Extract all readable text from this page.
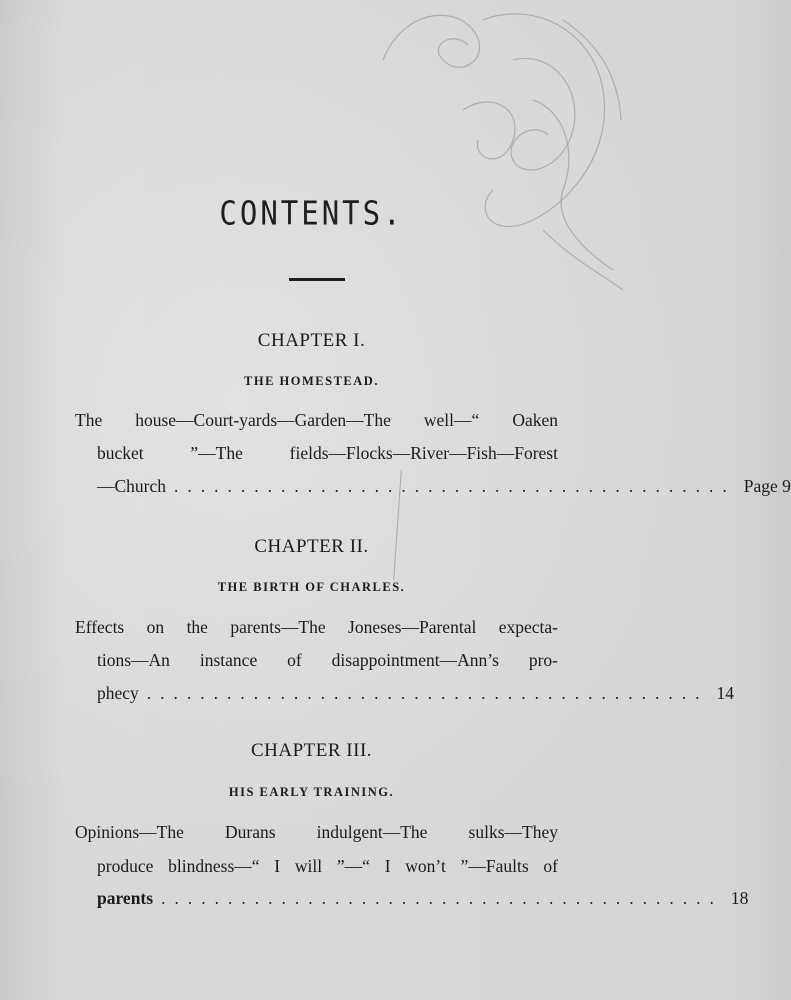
CONTENTS.
CHAPTER I.
THE HOMESTEAD.
The house—Court-yards—Garden—The well—“ Oaken
bucket	”—The	fields—Flocks—River—Fish—Forest
—Church .......................................... Page 9
CHAPTER II.
THE BIRTH OF CHARLES.
Effects on the parents—The Joneses—Parental expecta-
tions—An instance of disappointment—Ann’s pro-
phecy .......................................... 14
CHAPTER III.
HIS EARLY TRAINING.
Opinions—The Durans indulgent—The sulks—They
produce blindness—“ I will ”—“ I won’t ”—Faults of
parents .......................................... 18
